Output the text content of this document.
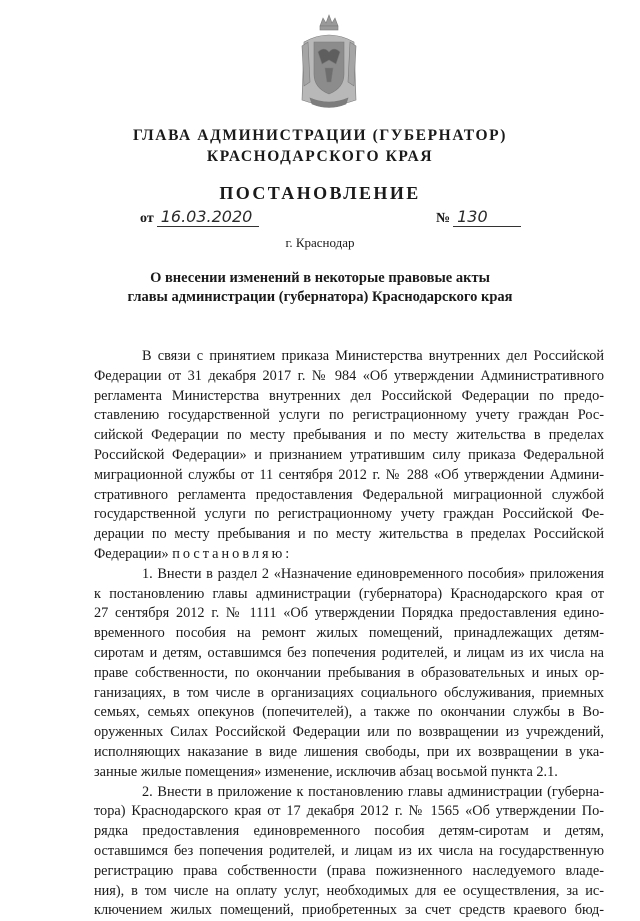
ГЛАВА АДМИНИСТРАЦИИ (ГУБЕРНАТОР)
КРАСНОДАРСКОГО КРАЯ
ПОСТАНОВЛЕНИЕ
от 16.03.2020	№ 130
г. Краснодар
О внесении изменений в некоторые правовые акты
главы администрации (губернатора) Краснодарского края
В связи с принятием приказа Министерства внутренних дел Российской
Федерации от 31 декабря 2017 г. № 984 «Об утверждении Административного
регламента Министерства внутренних дел Российской Федерации по предо-
ставлению государственной услуги по регистрационному учету граждан Рос-
сийской Федерации по месту пребывания и по месту жительства в пределах
Российской Федерации» и признанием утратившим силу приказа Федеральной
миграционной службы от 11 сентября 2012 г. № 288 «Об утверждении Админи-
стративного регламента предоставления Федеральной миграционной службой
государственной услуги по регистрационному учету граждан Российской Фе-
дерации по месту пребывания и по месту жительства в пределах Российской
Федерации» постановляю:
1. Внести в раздел 2 «Назначение единовременного пособия» приложения
к постановлению главы администрации (губернатора) Краснодарского края от
27 сентября 2012 г. № 1111 «Об утверждении Порядка предоставления едино-
временного пособия на ремонт жилых помещений, принадлежащих детям-
сиротам и детям, оставшимся без попечения родителей, и лицам из их числа на
праве собственности, по окончании пребывания в образовательных и иных ор-
ганизациях, в том числе в организациях социального обслуживания, приемных
семьях, семьях опекунов (попечителей), а также по окончании службы в Во-
оруженных Силах Российской Федерации или по возвращении из учреждений,
исполняющих наказание в виде лишения свободы, при их возвращении в ука-
занные жилые помещения» изменение, исключив абзац восьмой пункта 2.1.
2. Внести в приложение к постановлению главы администрации (губерна-
тора) Краснодарского края от 17 декабря 2012 г. № 1565 «Об утверждении По-
рядка предоставления единовременного пособия детям-сиротам и детям,
оставшимся без попечения родителей, и лицам из их числа на государственную
регистрацию права собственности (права пожизненного наследуемого владе-
ния), в том числе на оплату услуг, необходимых для ее осуществления, за ис-
ключением жилых помещений, приобретенных за счет средств краевого бюд-
